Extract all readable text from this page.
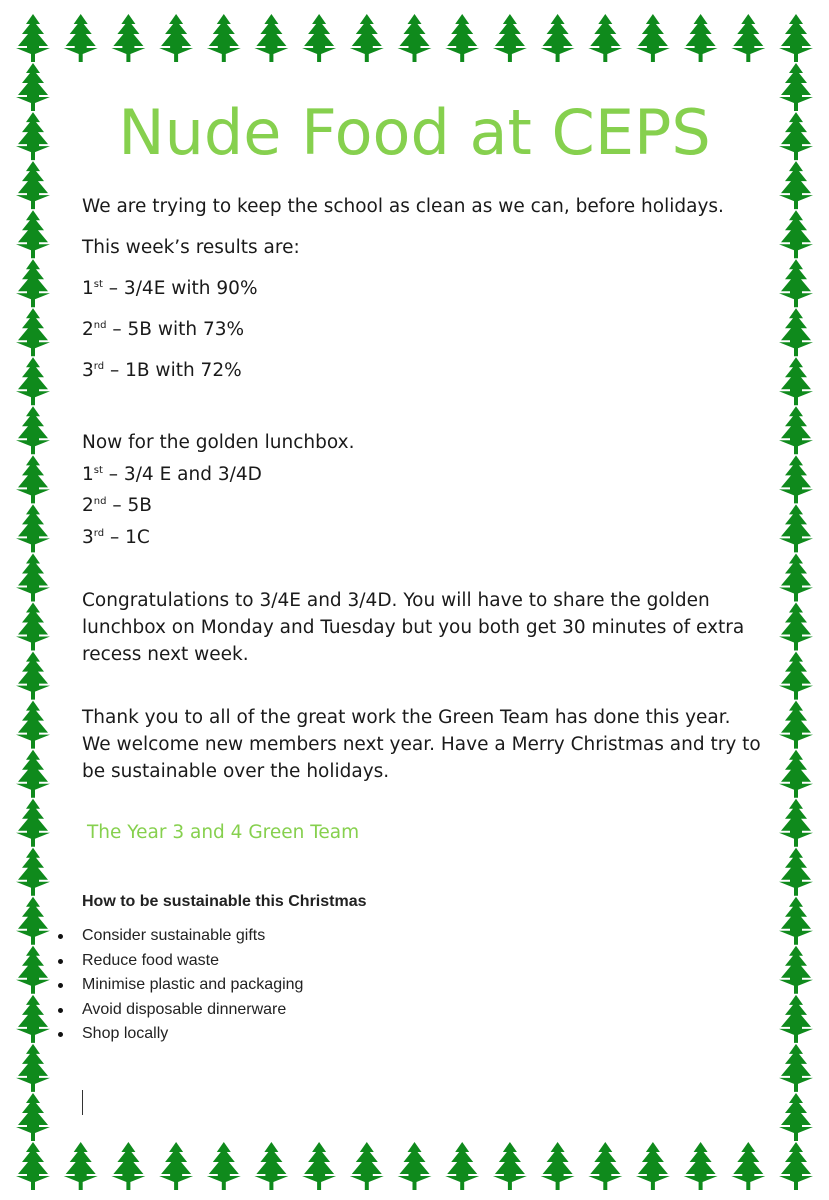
Nude Food at CEPS
We are trying to keep the school as clean as we can, before holidays.
This week’s results are:
1st – 3/4E with 90%
2nd – 5B with 73%
3rd – 1B with 72%
Now for the golden lunchbox.
1st – 3/4 E and 3/4D
2nd – 5B
3rd – 1C
Congratulations to 3/4E and 3/4D. You will have to share the golden lunchbox on Monday and Tuesday but you both get 30 minutes of extra recess next week.
Thank you to all of the great work the Green Team has done this year. We welcome new members next year. Have a Merry Christmas and try to be sustainable over the holidays.
The Year 3 and 4 Green Team
How to be sustainable this Christmas
Consider sustainable gifts
Reduce food waste
Minimise plastic and packaging
Avoid disposable dinnerware
Shop locally
